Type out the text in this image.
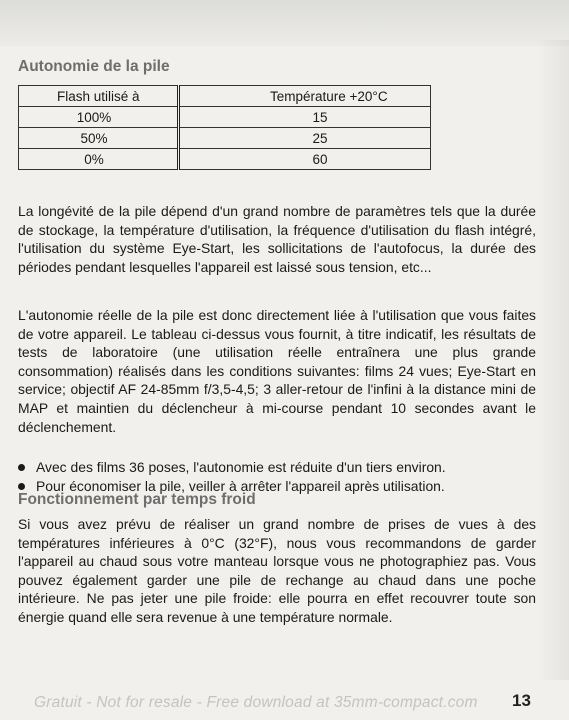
Autonomie de la pile
Flash utilisé à	Température +20°C
100%	15
50%	25
0%	60

La longévité de la pile dépend d'un grand nombre de paramètres tels que la durée de stockage, la température d'utilisation, la fréquence d'utilisation du flash intégré, l'utilisation du système Eye-Start, les sollicitations de l'autofocus, la durée des périodes pendant lesquelles l'appareil est laissé sous tension, etc...

L'autonomie réelle de la pile est donc directement liée à l'utilisation que vous faites de votre appareil. Le tableau ci-dessus vous fournit, à titre indicatif, les résultats de tests de laboratoire (une utilisation réelle entraînera une plus grande consommation) réalisés dans les conditions suivantes: films 24 vues; Eye-Start en service; objectif AF 24-85mm f/3,5-4,5; 3 aller-retour de l'infini à la distance mini de MAP et maintien du déclencheur à mi-course pendant 10 secondes avant le déclenchement.

Avec des films 36 poses, l'autonomie est réduite d'un tiers environ.
Pour économiser la pile, veiller à arrêter l'appareil après utilisation.
Fonctionnement par temps froid

Si vous avez prévu de réaliser un grand nombre de prises de vues à des températures inférieures à 0°C (32°F), nous vous recommandons de garder l'appareil au chaud sous votre manteau lorsque vous ne photographiez pas. Vous pouvez également garder une pile de rechange au chaud dans une poche intérieure. Ne pas jeter une pile froide: elle pourra en effet recouvrer toute son énergie quand elle sera revenue à une température normale.

Gratuit - Not for resale - Free download at 35mm-compact.com 13
